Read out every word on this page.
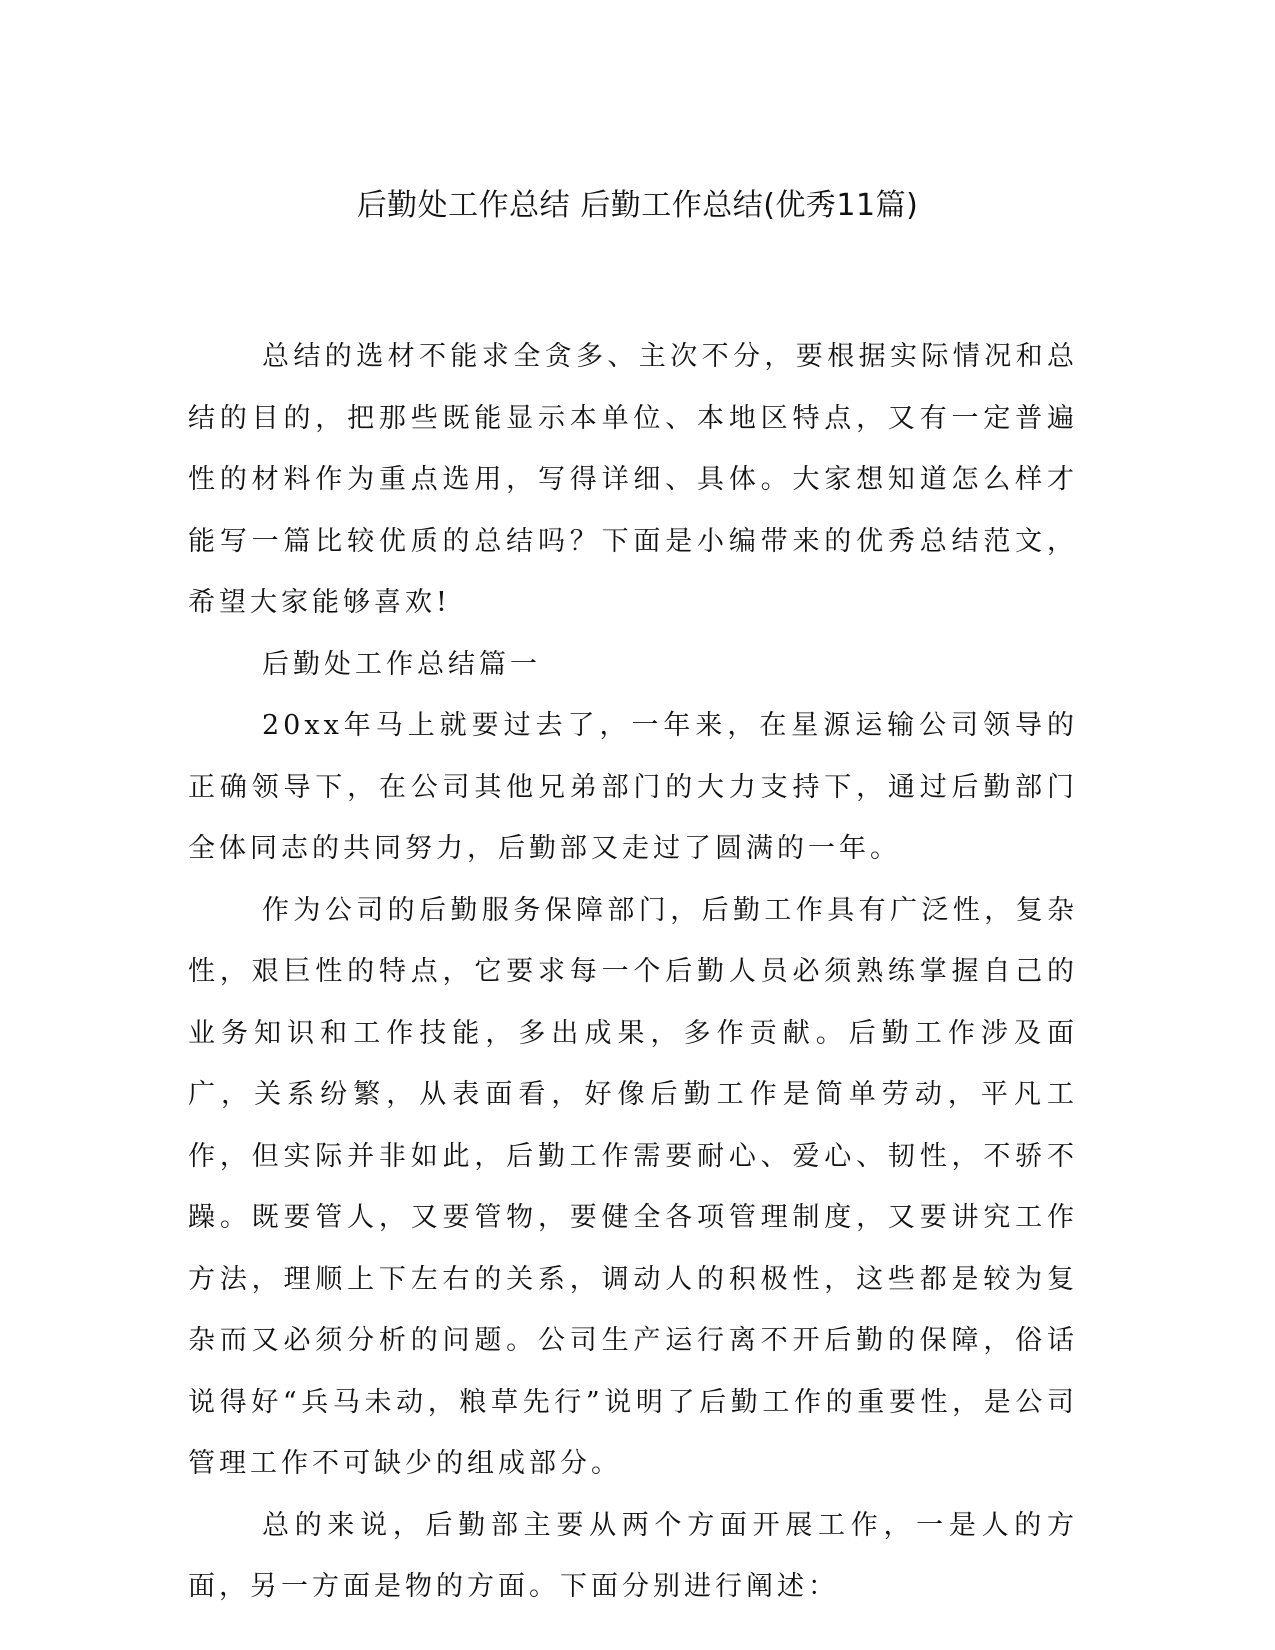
后勤处工作总结 后勤工作总结(优秀11篇)

总结的选材不能求全贪多、主次不分，要根据实际情况和总结的目的，把那些既能显示本单位、本地区特点，又有一定普遍性的材料作为重点选用，写得详细、具体。大家想知道怎么样才能写一篇比较优质的总结吗？下面是小编带来的优秀总结范文，希望大家能够喜欢!

后勤处工作总结篇一

20xx年马上就要过去了，一年来，在星源运输公司领导的正确领导下，在公司其他兄弟部门的大力支持下，通过后勤部门全体同志的共同努力，后勤部又走过了圆满的一年。

作为公司的后勤服务保障部门，后勤工作具有广泛性，复杂性，艰巨性的特点，它要求每一个后勤人员必须熟练掌握自己的业务知识和工作技能，多出成果，多作贡献。后勤工作涉及面广，关系纷繁，从表面看，好像后勤工作是简单劳动，平凡工作，但实际并非如此，后勤工作需要耐心、爱心、韧性，不骄不躁。既要管人，又要管物，要健全各项管理制度，又要讲究工作方法，理顺上下左右的关系，调动人的积极性，这些都是较为复杂而又必须分析的问题。公司生产运行离不开后勤的保障，俗话说得好“兵马未动，粮草先行”说明了后勤工作的重要性，是公司管理工作不可缺少的组成部分。

总的来说，后勤部主要从两个方面开展工作，一是人的方面，另一方面是物的方面。下面分别进行阐述：
